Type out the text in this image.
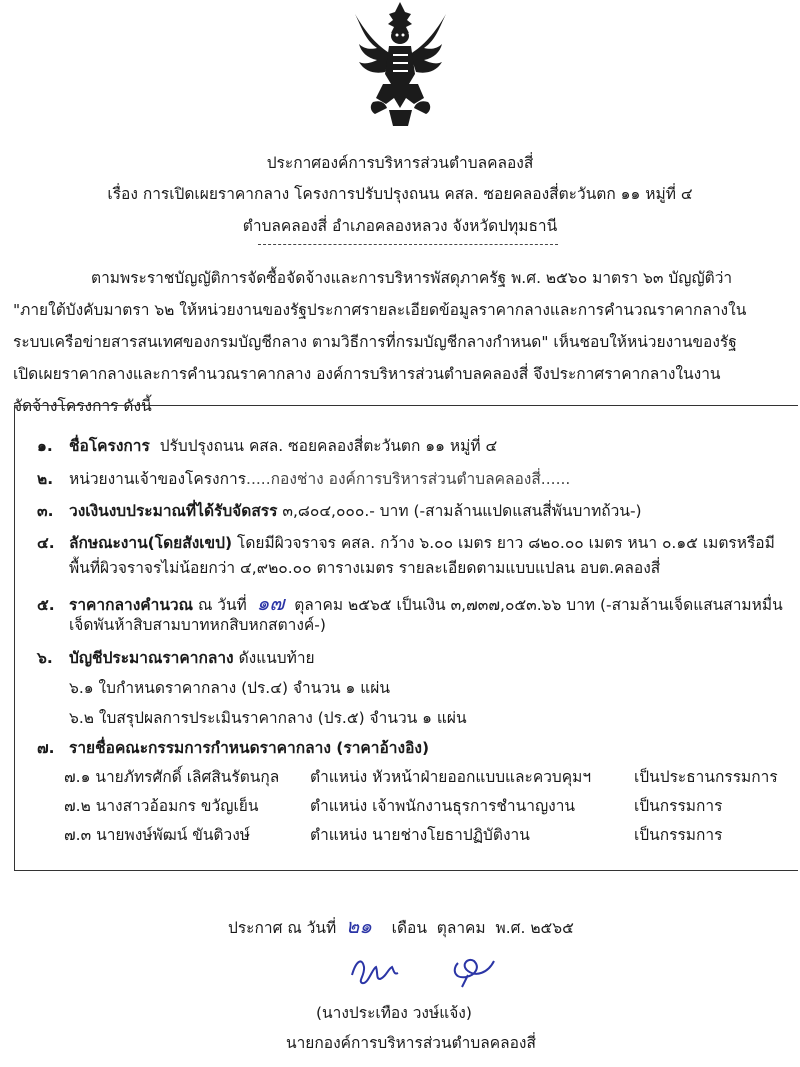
ประกาศองค์การบริหารส่วนตำบลคลองสี่
เรื่อง การเปิดเผยราคากลาง โครงการปรับปรุงถนน คสล. ซอยคลองสี่ตะวันตก ๑๑ หมู่ที่ ๔
ตำบลคลองสี่ อำเภอคลองหลวง จังหวัดปทุมธานี
ตามพระราชบัญญัติการจัดซื้อจัดจ้างและการบริหารพัสดุภาครัฐ พ.ศ. ๒๕๖๐ มาตรา ๖๓ บัญญัติว่า
"ภายใต้บังคับมาตรา ๖๒ ให้หน่วยงานของรัฐประกาศรายละเอียดข้อมูลราคากลางและการคำนวณราคากลางใน
ระบบเครือข่ายสารสนเทศของกรมบัญชีกลาง ตามวิธีการที่กรมบัญชีกลางกำหนด" เห็นชอบให้หน่วยงานของรัฐ
เปิดเผยราคากลางและการคำนวณราคากลาง องค์การบริหารส่วนตำบลคลองสี่ จึงประกาศราคากลางในงาน
จัดจ้างโครงการ ดังนี้
๑. ชื่อโครงการ ปรับปรุงถนน คสล. ซอยคลองสี่ตะวันตก ๑๑ หมู่ที่ ๔
๒. หน่วยงานเจ้าของโครงการ.....กองช่าง องค์การบริหารส่วนตำบลคลองสี่......
๓. วงเงินงบประมาณที่ได้รับจัดสรร ๓,๘๐๔,๐๐๐.- บาท (-สามล้านแปดแสนสี่พันบาทถ้วน-)
๔. ลักษณะงาน(โดยสังเขป) โดยมีผิวจราจร คสล. กว้าง ๖.๐๐ เมตร ยาว ๘๒๐.๐๐ เมตร หนา ๐.๑๕ เมตรหรือมี
พื้นที่ผิวจราจรไม่น้อยกว่า ๔,๙๒๐.๐๐ ตารางเมตร รายละเอียดตามแบบแปลน อบต.คลองสี่
๕. ราคากลางคำนวณ ณ วันที่ ๑๗ ตุลาคม ๒๕๖๕ เป็นเงิน ๓,๗๓๗,๐๕๓.๖๖ บาท (-สามล้านเจ็ดแสนสามหมื่น
เจ็ดพันห้าสิบสามบาทหกสิบหกสตางค์-)
๖. บัญชีประมาณราคากลาง ดังแนบท้าย
๖.๑ ใบกำหนดราคากลาง (ปร.๔) จำนวน ๑ แผ่น
๖.๒ ใบสรุปผลการประเมินราคากลาง (ปร.๕) จำนวน ๑ แผ่น
๗. รายชื่อคณะกรรมการกำหนดราคากลาง (ราคาอ้างอิง)
๗.๑ นายภัทรศักดิ์ เลิศสินรัตนกุล ตำแหน่ง หัวหน้าฝ่ายออกแบบและควบคุมฯ	เป็นประธานกรรมการ
๗.๒ นางสาวอ้อมกร ขวัญเย็น	ตำแหน่ง เจ้าพนักงานธุรการชำนาญงาน	เป็นกรรมการ
๗.๓ นายพงษ์พัฒน์ ขันติวงษ์	ตำแหน่ง นายช่างโยธาปฏิบัติงาน	เป็นกรรมการ
ประกาศ ณ วันที่ ๒๑ เดือน ตุลาคม พ.ศ. ๒๕๖๕
(นางประเทือง วงษ์แจ้ง)
นายกองค์การบริหารส่วนตำบลคลองสี่
